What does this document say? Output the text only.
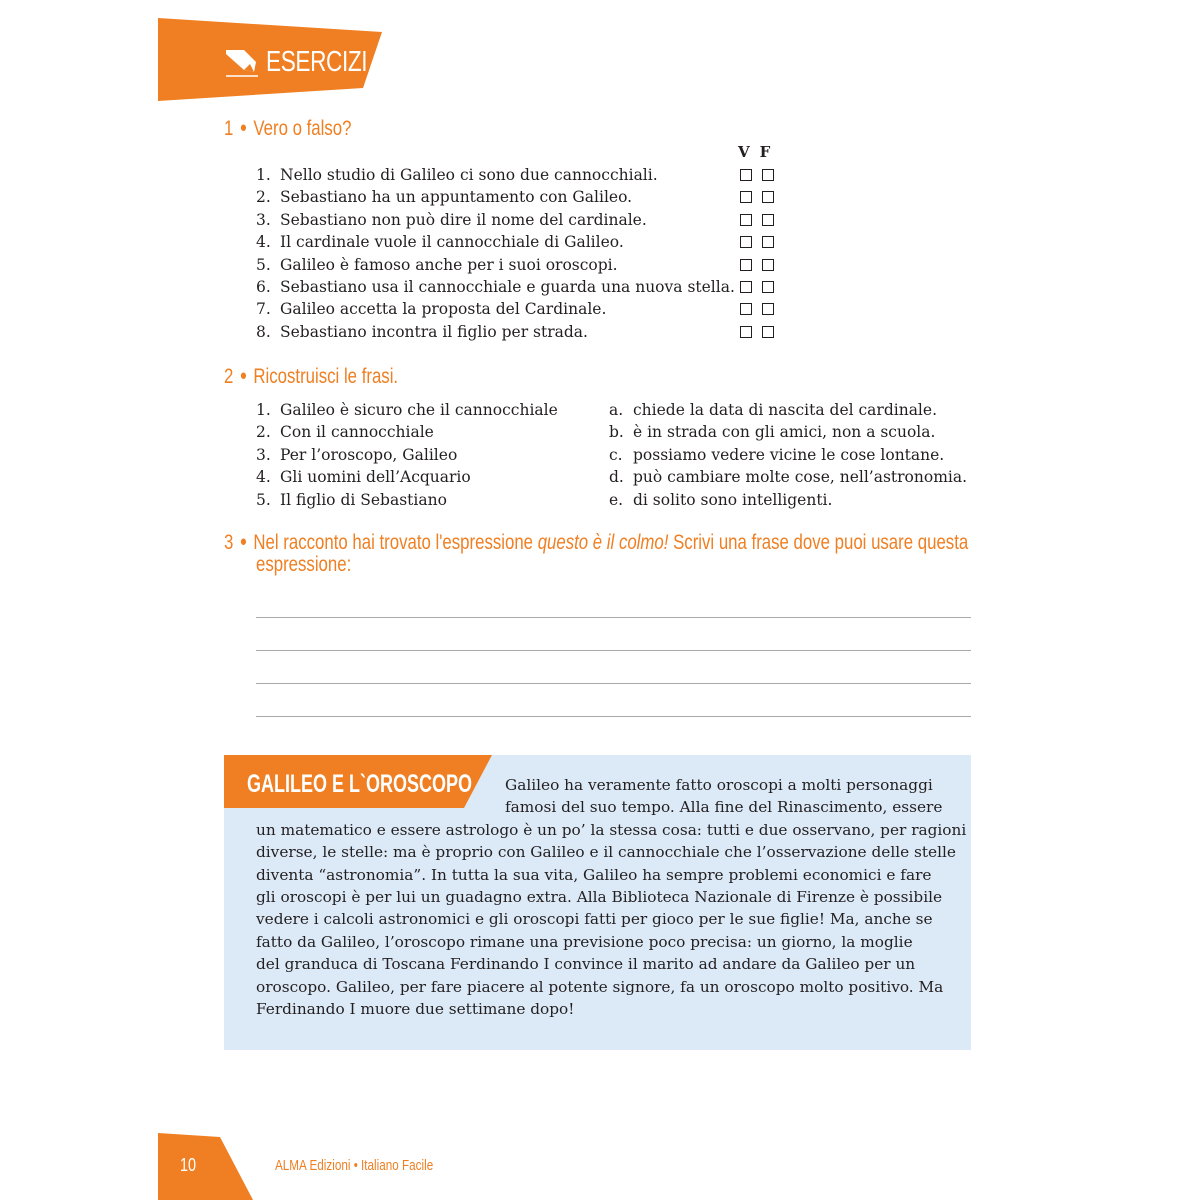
ESERCIZI
1 ● Vero o falso?
VF
1. Nello studio di Galileo ci sono due cannocchiali.
2. Sebastiano ha un appuntamento con Galileo.
3. Sebastiano non può dire il nome del cardinale.
4. Il cardinale vuole il cannocchiale di Galileo.
5. Galileo è famoso anche per i suoi oroscopi.
6. Sebastiano usa il cannocchiale e guarda una nuova stella.
7. Galileo accetta la proposta del Cardinale.
8. Sebastiano incontra il figlio per strada.
2 ● Ricostruisci le frasi.
1. Galileo è sicuro che il cannocchiale
2. Con il cannocchiale
3. Per l’oroscopo, Galileo
4. Gli uomini dell’Acquario
5. Il figlio di Sebastiano
a. chiede la data di nascita del cardinale.
b. è in strada con gli amici, non a scuola.
c. possiamo vedere vicine le cose lontane.
d. può cambiare molte cose, nell’astronomia.
e. di solito sono intelligenti.
3 ● Nel racconto hai trovato l'espressione questo è il colmo! Scrivi una frase dove puoi usare questa
espressione:
GALILEO E L`OROSCOPO Galileo ha veramente fatto oroscopi a molti personaggi
famosi del suo tempo. Alla fine del Rinascimento, essere
un matematico e essere astrologo è un po’ la stessa cosa: tutti e due osservano, per ragioni
diverse, le stelle: ma è proprio con Galileo e il cannocchiale che l’osservazione delle stelle
diventa “astronomia”. In tutta la sua vita, Galileo ha sempre problemi economici e fare
gli oroscopi è per lui un guadagno extra. Alla Biblioteca Nazionale di Firenze è possibile
vedere i calcoli astronomici e gli oroscopi fatti per gioco per le sue figlie! Ma, anche se
fatto da Galileo, l’oroscopo rimane una previsione poco precisa: un giorno, la moglie
del granduca di Toscana Ferdinando I convince il marito ad andare da Galileo per un
oroscopo. Galileo, per fare piacere al potente signore, fa un oroscopo molto positivo. Ma
Ferdinando I muore due settimane dopo!
10	ALMA Edizioni • Italiano Facile
